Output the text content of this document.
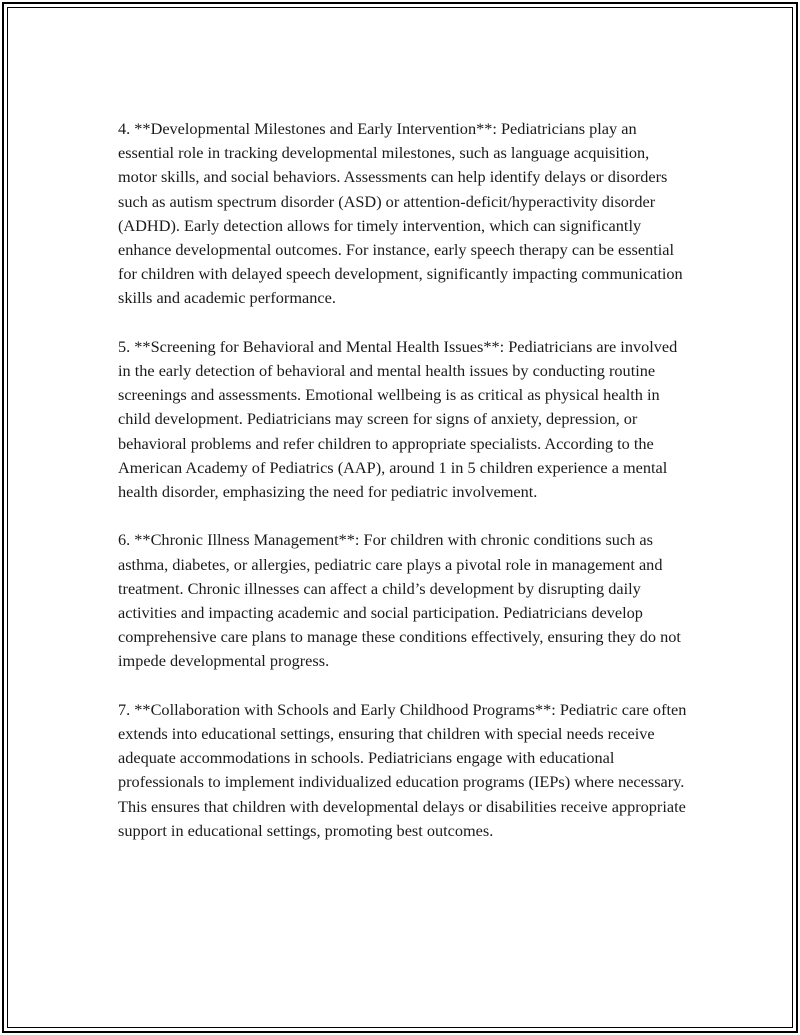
4. **Developmental Milestones and Early Intervention**: Pediatricians play an essential role in tracking developmental milestones, such as language acquisition, motor skills, and social behaviors. Assessments can help identify delays or disorders such as autism spectrum disorder (ASD) or attention-deficit/hyperactivity disorder (ADHD). Early detection allows for timely intervention, which can significantly enhance developmental outcomes. For instance, early speech therapy can be essential for children with delayed speech development, significantly impacting communication skills and academic performance.

5. **Screening for Behavioral and Mental Health Issues**: Pediatricians are involved in the early detection of behavioral and mental health issues by conducting routine screenings and assessments. Emotional wellbeing is as critical as physical health in child development. Pediatricians may screen for signs of anxiety, depression, or behavioral problems and refer children to appropriate specialists. According to the American Academy of Pediatrics (AAP), around 1 in 5 children experience a mental health disorder, emphasizing the need for pediatric involvement.

6. **Chronic Illness Management**: For children with chronic conditions such as asthma, diabetes, or allergies, pediatric care plays a pivotal role in management and treatment. Chronic illnesses can affect a child’s development by disrupting daily activities and impacting academic and social participation. Pediatricians develop comprehensive care plans to manage these conditions effectively, ensuring they do not impede developmental progress.

7. **Collaboration with Schools and Early Childhood Programs**: Pediatric care often extends into educational settings, ensuring that children with special needs receive adequate accommodations in schools. Pediatricians engage with educational professionals to implement individualized education programs (IEPs) where necessary. This ensures that children with developmental delays or disabilities receive appropriate support in educational settings, promoting best outcomes.
